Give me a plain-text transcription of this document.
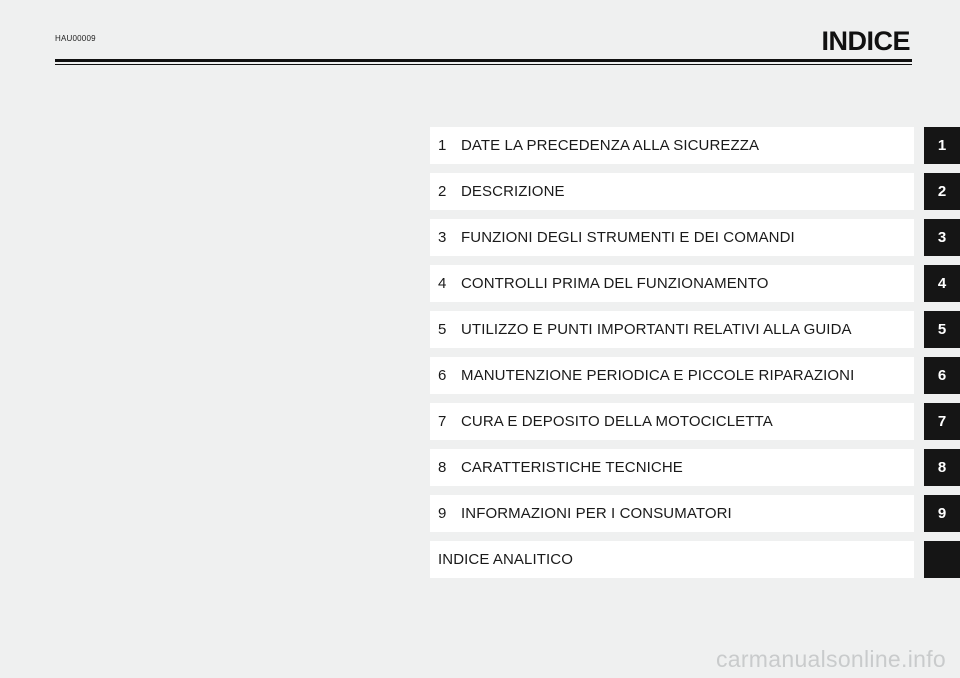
HAU00009	INDICE
1 DATE LA PRECEDENZA ALLA SICUREZZA	1
2 DESCRIZIONE	2
3 FUNZIONI DEGLI STRUMENTI E DEI COMANDI	3
4 CONTROLLI PRIMA DEL FUNZIONAMENTO	4
5 UTILIZZO E PUNTI IMPORTANTI RELATIVI ALLA GUIDA	5
6 MANUTENZIONE PERIODICA E PICCOLE RIPARAZIONI	6
7 CURA E DEPOSITO DELLA MOTOCICLETTA	7
8 CARATTERISTICHE TECNICHE	8
9 INFORMAZIONI PER I CONSUMATORI	9
INDICE ANALITICO
carmanualsonline.info
